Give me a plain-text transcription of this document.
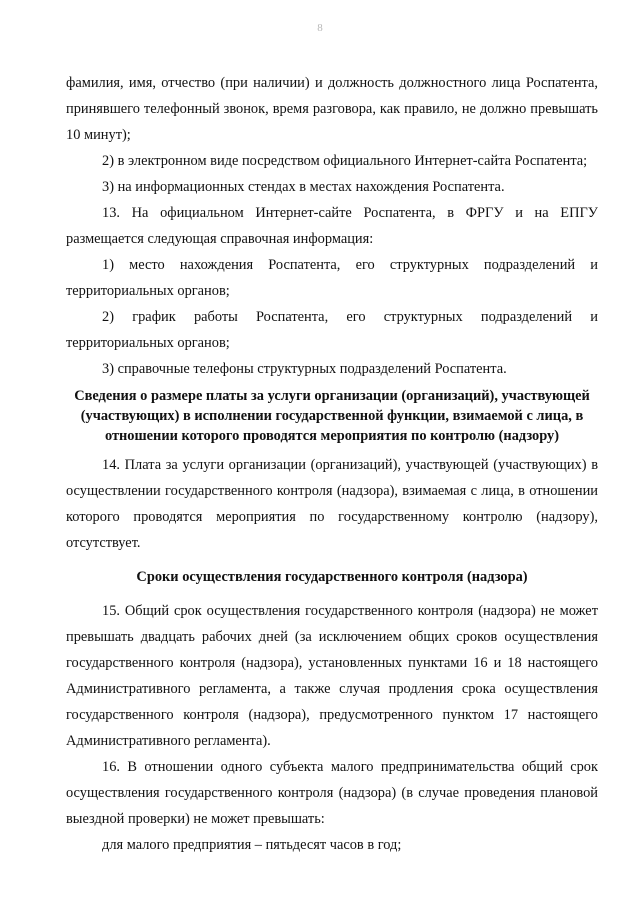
8

фамилия, имя, отчество (при наличии) и должность должностного лица Роспатента, принявшего телефонный звонок, время разговора, как правило, не должно превышать 10 минут);

2) в электронном виде посредством официального Интернет-сайта Роспатента;

3) на информационных стендах в местах нахождения Роспатента.

13. На официальном Интернет-сайте Роспатента, в ФРГУ и на ЕПГУ размещается следующая справочная информация:

1) место нахождения Роспатента, его структурных подразделений и территориальных органов;

2) график работы Роспатента, его структурных подразделений и территориальных органов;

3) справочные телефоны структурных подразделений Роспатента.

Сведения о размере платы за услуги организации (организаций), участвующей (участвующих) в исполнении государственной функции, взимаемой с лица, в отношении которого проводятся мероприятия по контролю (надзору)

14. Плата за услуги организации (организаций), участвующей (участвующих) в осуществлении государственного контроля (надзора), взимаемая с лица, в отношении которого проводятся мероприятия по государственному контролю (надзору), отсутствует.

Сроки осуществления государственного контроля (надзора)

15. Общий срок осуществления государственного контроля (надзора) не может превышать двадцать рабочих дней (за исключением общих сроков осуществления государственного контроля (надзора), установленных пунктами 16 и 18 настоящего Административного регламента, а также случая продления срока осуществления государственного контроля (надзора), предусмотренного пунктом 17 настоящего Административного регламента).

16. В отношении одного субъекта малого предпринимательства общий срок осуществления государственного контроля (надзора) (в случае проведения плановой выездной проверки) не может превышать:

для малого предприятия – пятьдесят часов в год;
